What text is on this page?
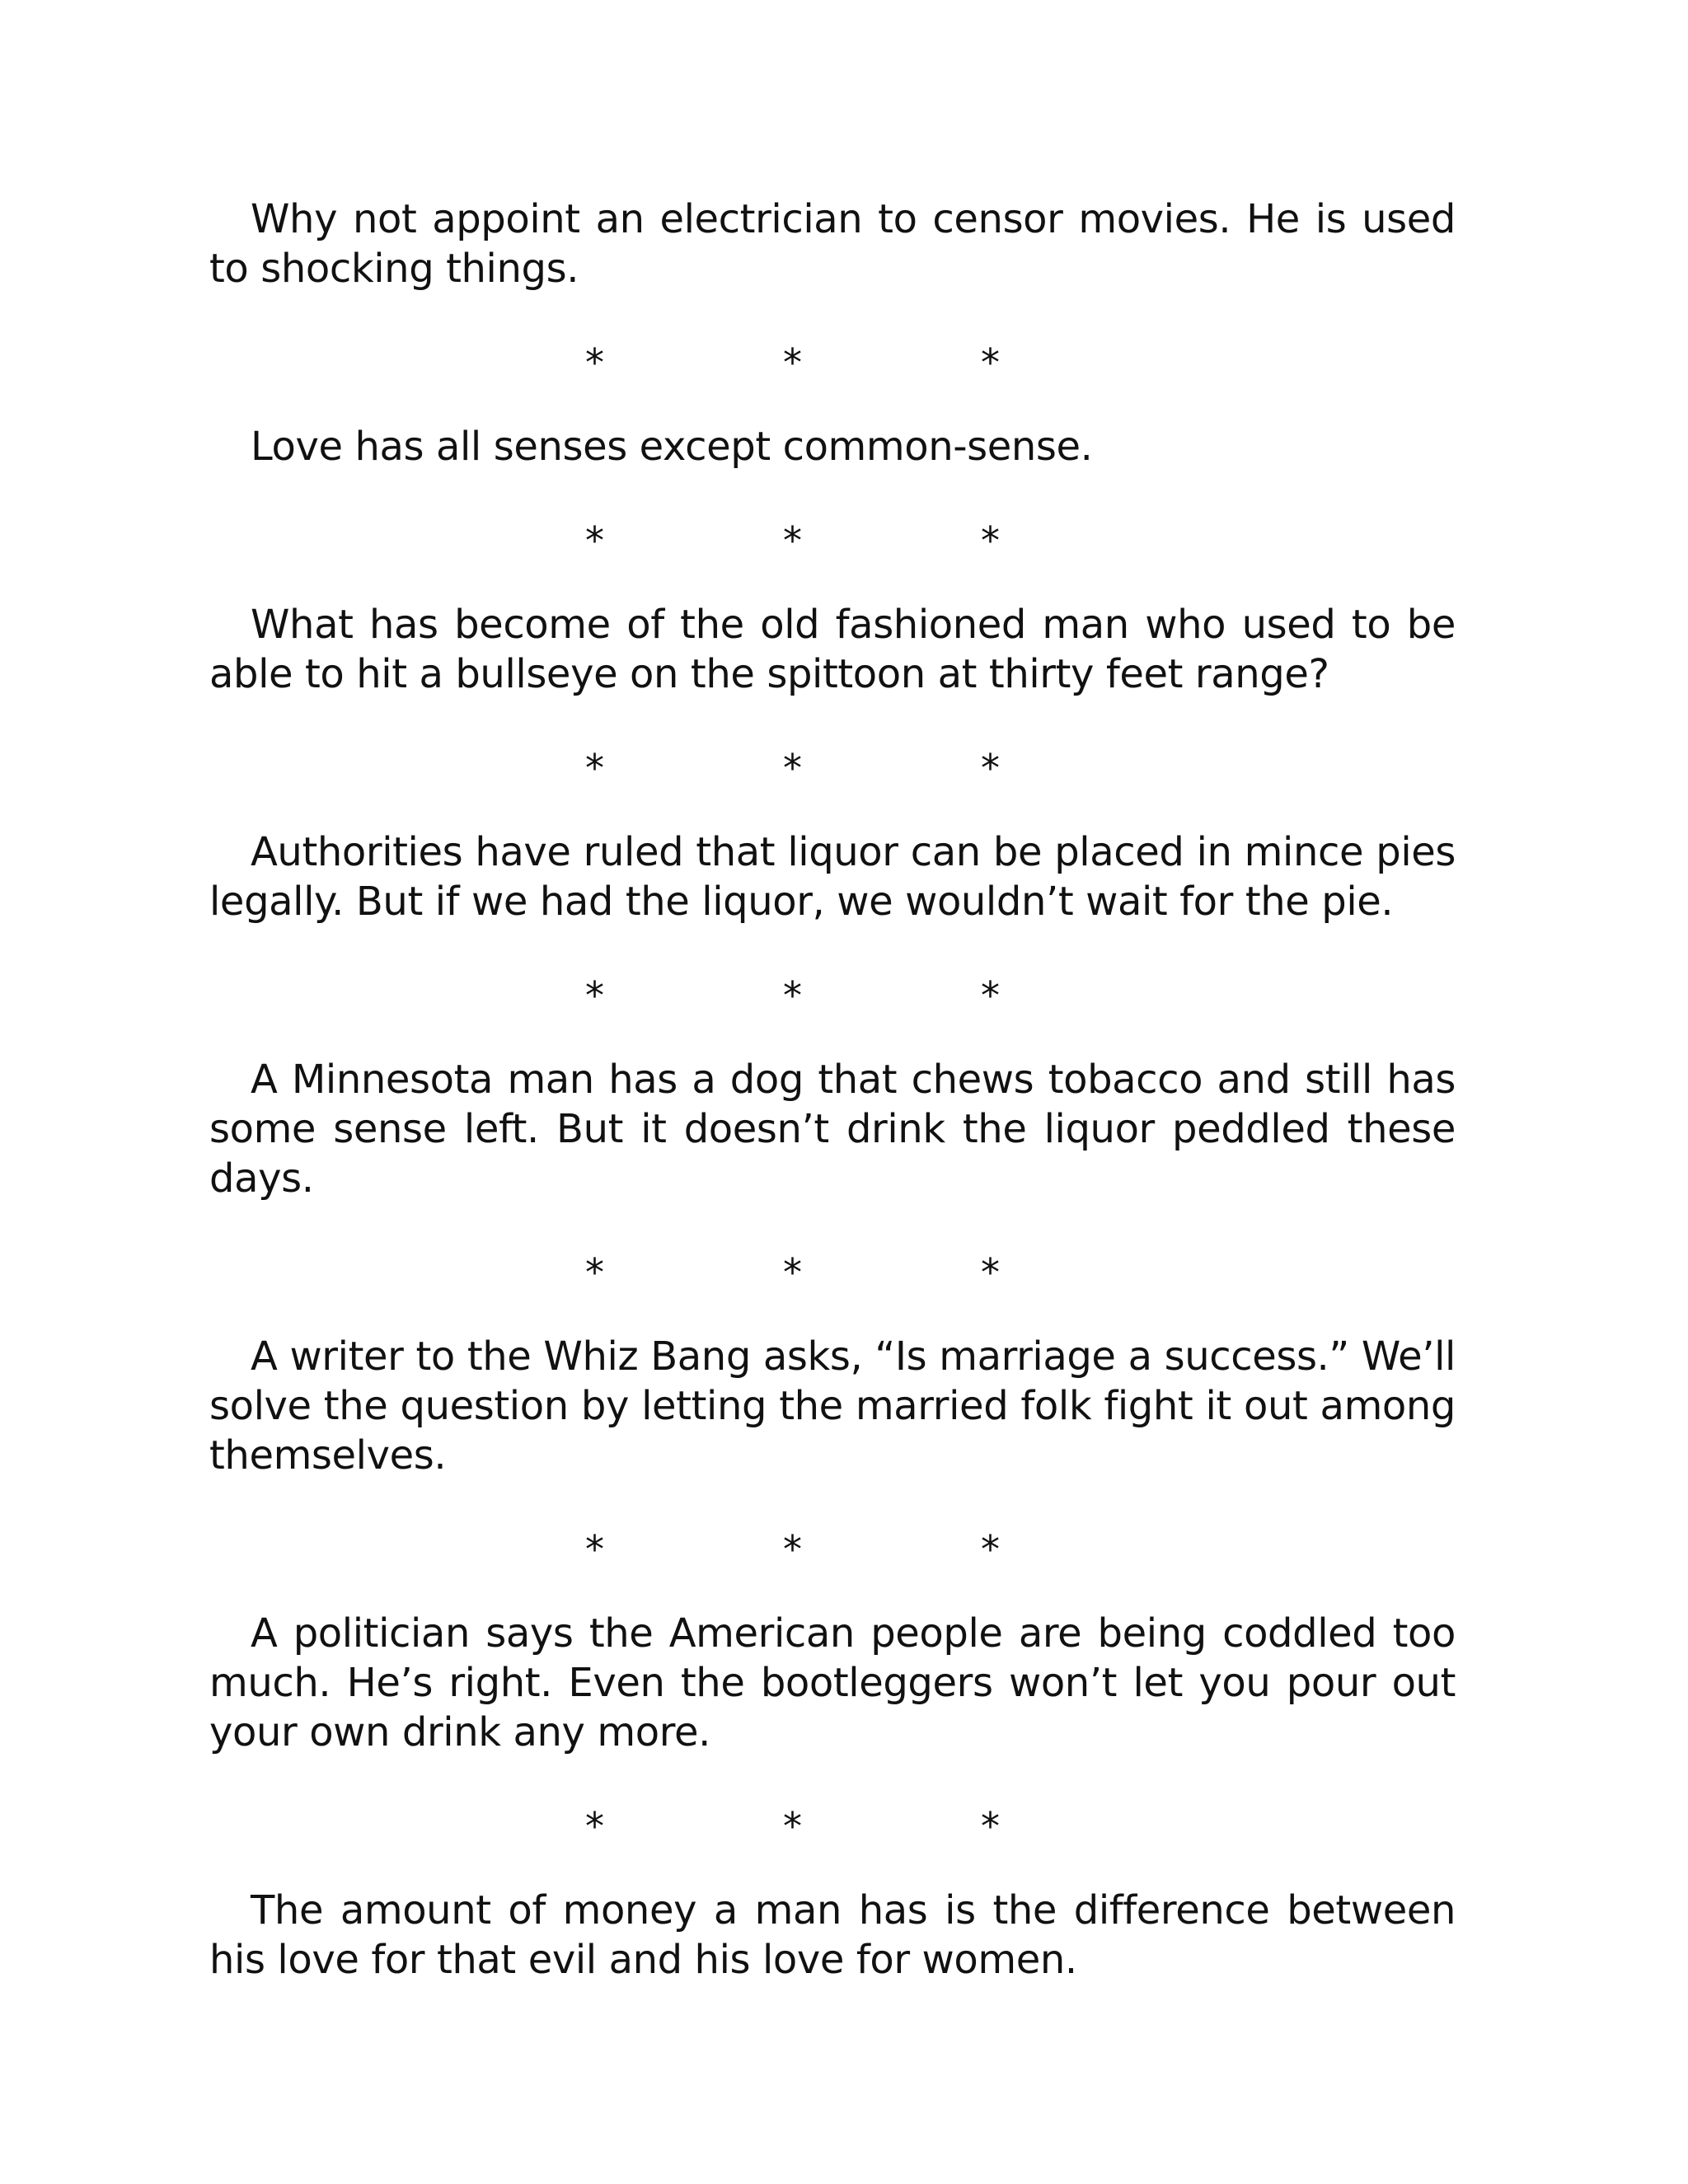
Why not appoint an electrician to censor movies. He is used to shocking things.

*	*	*

Love has all senses except common-sense.

*	*	*

What has become of the old fashioned man who used to be able to hit a bullseye on the spittoon at thirty feet range?

*	*	*

Authorities have ruled that liquor can be placed in mince pies legally. But if we had the liquor, we wouldn’t wait for the pie.

*	*	*

A Minnesota man has a dog that chews tobacco and still has some sense left. But it doesn’t drink the liquor peddled these days.

*	*	*

A writer to the Whiz Bang asks, “Is marriage a success.” We’ll solve the question by letting the married folk fight it out among themselves.

*	*	*

A politician says the American people are being coddled too much. He’s right. Even the bootleggers won’t let you pour out your own drink any more.

*	*	*

The amount of money a man has is the difference between his love for that evil and his love for women.
